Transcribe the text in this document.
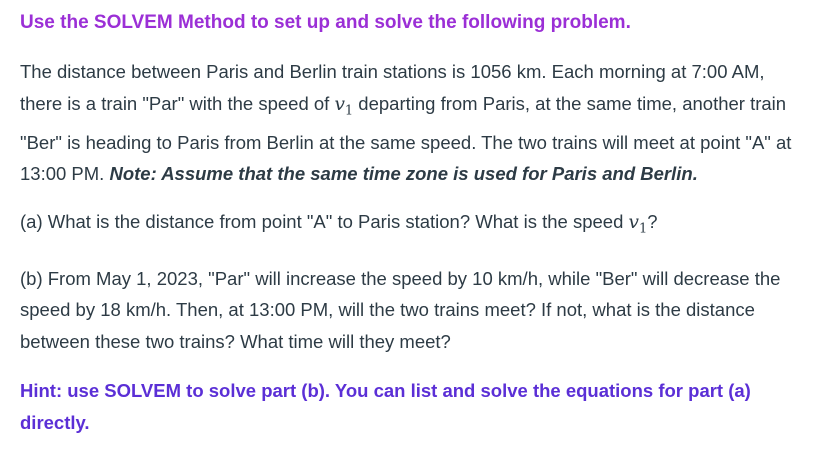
Use the SOLVEM Method to set up and solve the following problem.

The distance between Paris and Berlin train stations is 1056 km. Each morning at 7:00 AM, there is a train "Par" with the speed of $v_1$ departing from Paris, at the same time, another train "Ber" is heading to Paris from Berlin at the same speed. The two trains will meet at point "A" at 13:00 PM. Note: Assume that the same time zone is used for Paris and Berlin.

(a) What is the distance from point "A" to Paris station? What is the speed $v_1$?

(b) From May 1, 2023, "Par" will increase the speed by 10 km/h, while "Ber" will decrease the speed by 18 km/h. Then, at 13:00 PM, will the two trains meet? If not, what is the distance between these two trains? What time will they meet?

Hint: use SOLVEM to solve part (b). You can list and solve the equations for part (a) directly.
